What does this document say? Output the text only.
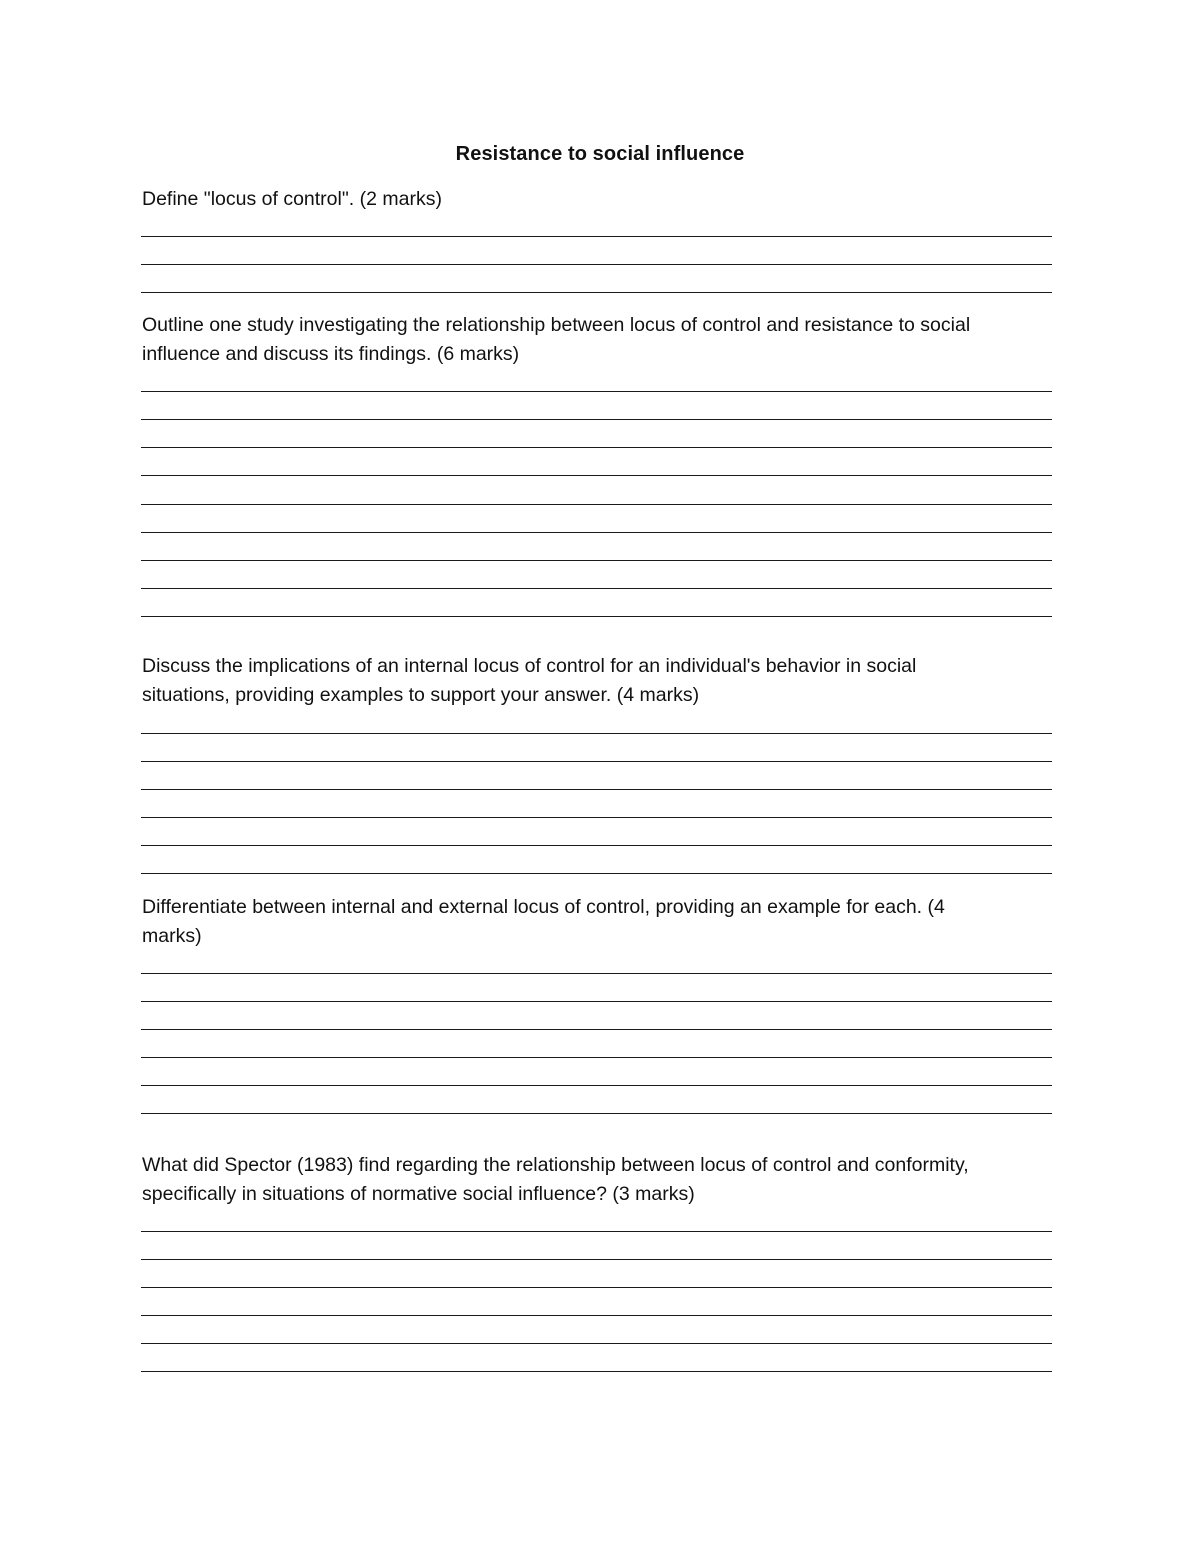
Resistance to social influence
Define "locus of control". (2 marks)
Outline one study investigating the relationship between locus of control and resistance to social
influence and discuss its findings. (6 marks)
Discuss the implications of an internal locus of control for an individual's behavior in social
situations, providing examples to support your answer. (4 marks)
Differentiate between internal and external locus of control, providing an example for each. (4
marks)
What did Spector (1983) find regarding the relationship between locus of control and conformity,
specifically in situations of normative social influence? (3 marks)
